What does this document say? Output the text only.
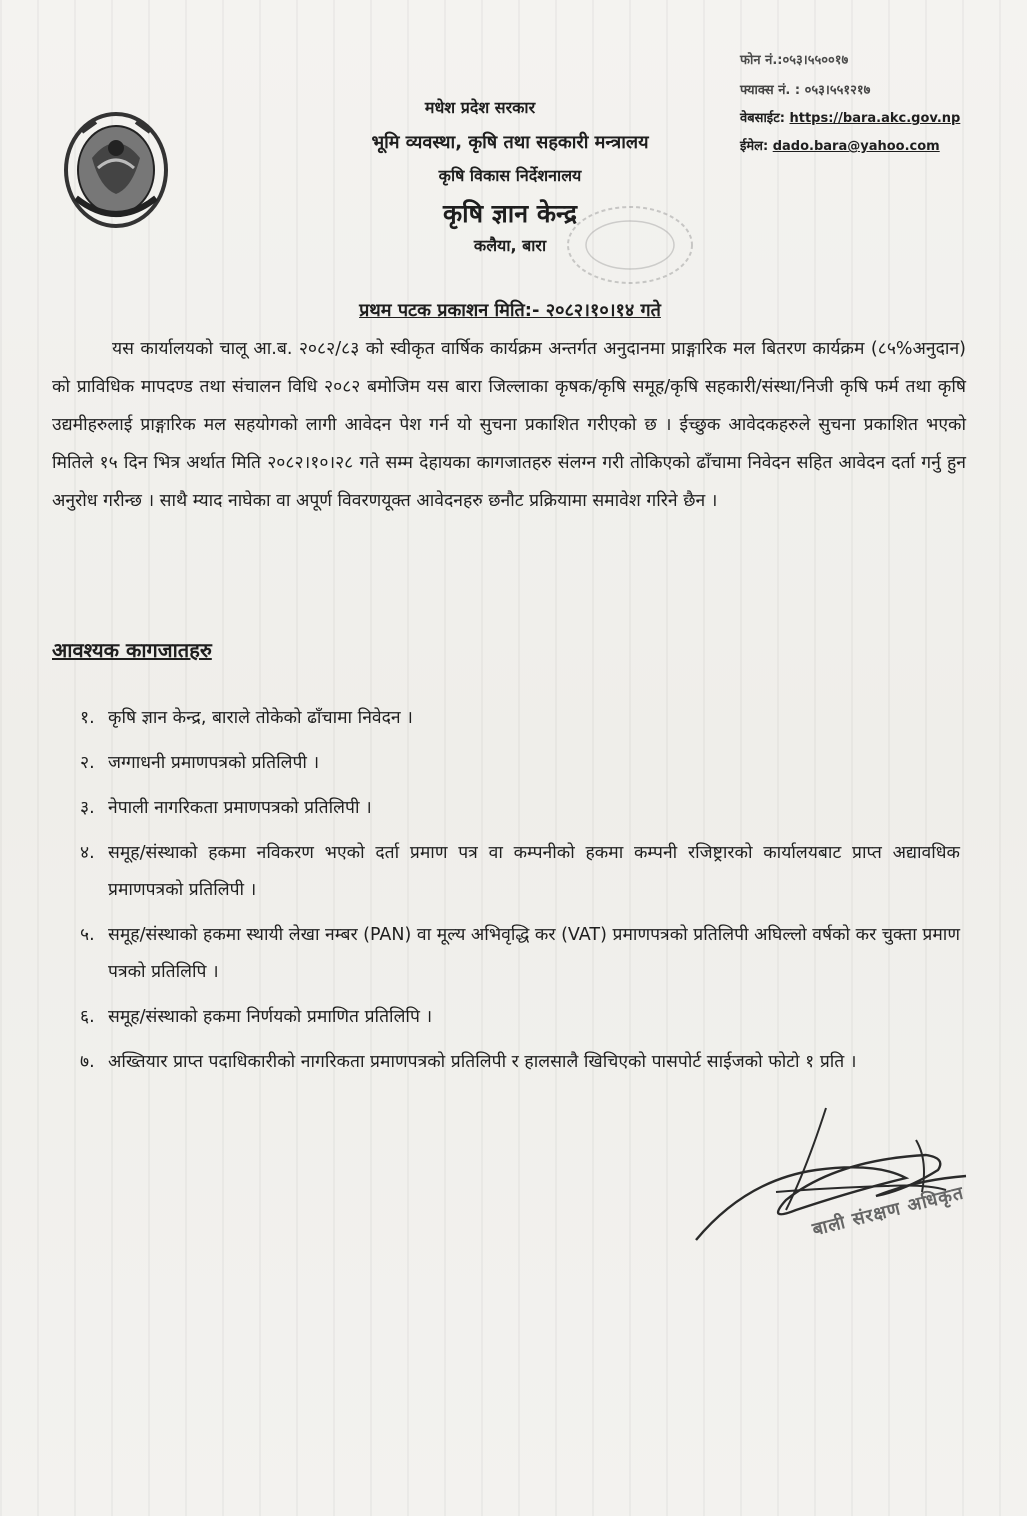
मधेश प्रदेश सरकार
भूमि व्यवस्था, कृषि तथा सहकारी मन्त्रालय
कृषि विकास निर्देशनालय
कृषि ज्ञान केन्द्र
कलैया, बारा
फोन नं.:०५३।५५००१७
फ्याक्स नं. : ०५३।५५१२१७
वेबसाईट: https://bara.akc.gov.np
ईमेल: dado.bara@yahoo.com
प्रथम पटक प्रकाशन मिति:- २०८२।१०।१४ गते
यस कार्यालयको चालू आ.ब. २०८२/८३ को स्वीकृत वार्षिक कार्यक्रम अन्तर्गत अनुदानमा प्राङ्गारिक मल बितरण कार्यक्रम (८५%अनुदान) को प्राविधिक मापदण्ड तथा संचालन विधि २०८२ बमोजिम यस बारा जिल्लाका कृषक/कृषि समूह/कृषि सहकारी/संस्था/निजी कृषि फर्म तथा कृषि उद्यमीहरुलाई प्राङ्गारिक मल सहयोगको लागी आवेदन पेश गर्न यो सुचना प्रकाशित गरीएको छ । ईच्छुक आवेदकहरुले सुचना प्रकाशित भएको मितिले १५ दिन भित्र अर्थात मिति २०८२।१०।२८ गते सम्म देहायका कागजातहरु संलग्न गरी तोकिएको ढाँचामा निवेदन सहित आवेदन दर्ता गर्नु हुन अनुरोध गरीन्छ । साथै म्याद नाघेका वा अपूर्ण विवरणयूक्त आवेदनहरु छनौट प्रक्रियामा समावेश गरिने छैन ।
आवश्यक कागजातहरु
१. कृषि ज्ञान केन्द्र, बाराले तोकेको ढाँचामा निवेदन ।
२. जग्गाधनी प्रमाणपत्रको प्रतिलिपी ।
३. नेपाली नागरिकता प्रमाणपत्रको प्रतिलिपी ।
४. समूह/संस्थाको हकमा नविकरण भएको दर्ता प्रमाण पत्र वा कम्पनीको हकमा कम्पनी रजिष्ट्रारको कार्यालयबाट प्राप्त अद्यावधिक प्रमाणपत्रको प्रतिलिपी ।
५. समूह/संस्थाको हकमा स्थायी लेखा नम्बर (PAN) वा मूल्य अभिवृद्धि कर (VAT) प्रमाणपत्रको प्रतिलिपी अघिल्लो वर्षको कर चुक्ता प्रमाण पत्रको प्रतिलिपि ।
६. समूह/संस्थाको हकमा निर्णयको प्रमाणित प्रतिलिपि ।
७. अख्तियार प्राप्त पदाधिकारीको नागरिकता प्रमाणपत्रको प्रतिलिपी र हालसालै खिचिएको पासपोर्ट साईजको फोटो १ प्रति ।
बाली संरक्षण अधिकृत
